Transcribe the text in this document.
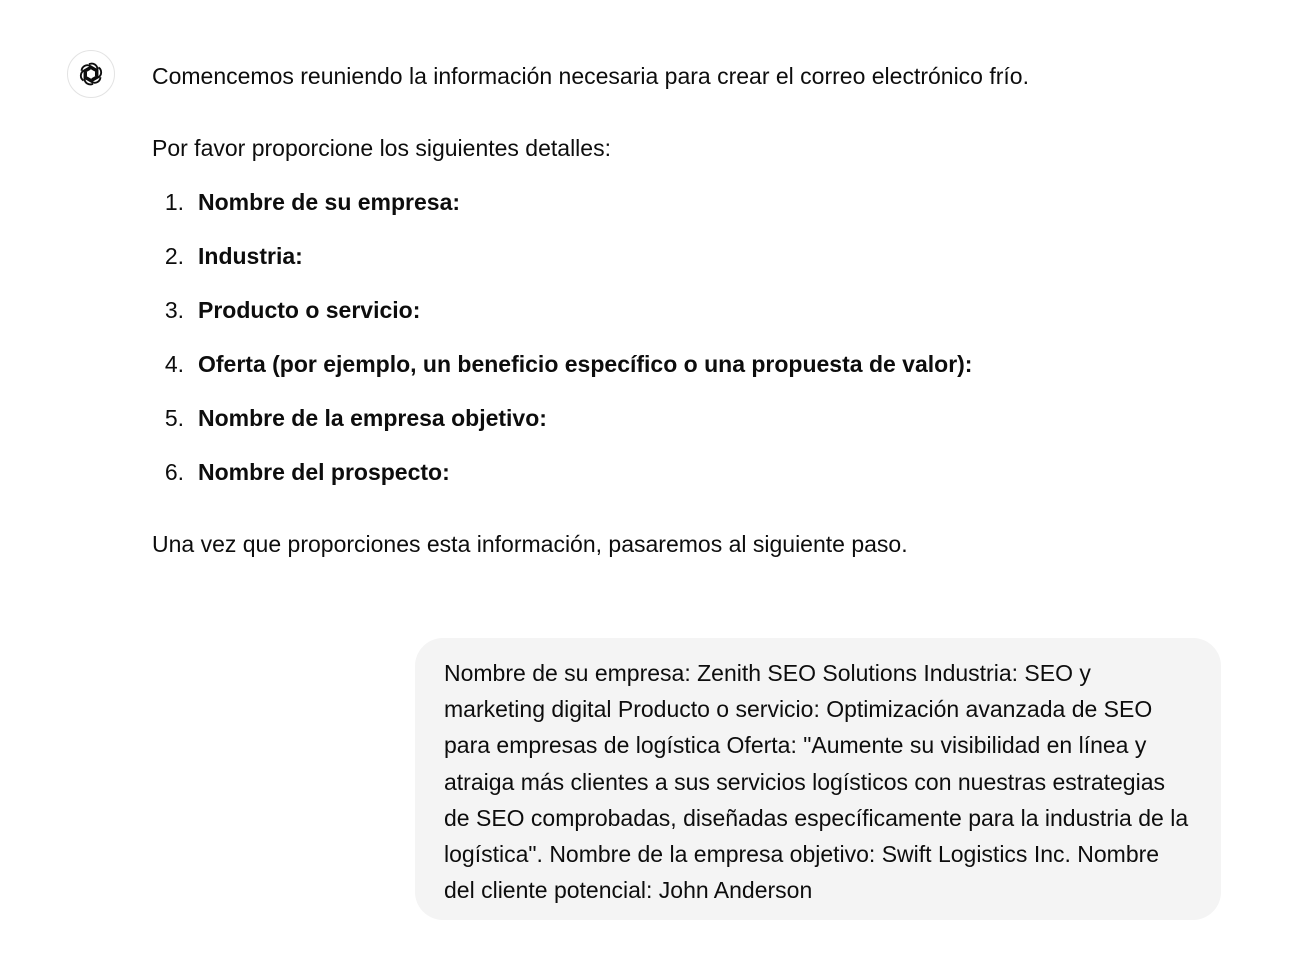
Comencemos reuniendo la información necesaria para crear el correo electrónico frío.

Por favor proporcione los siguientes detalles:

1. Nombre de su empresa:
2. Industria:
3. Producto o servicio:
4. Oferta (por ejemplo, un beneficio específico o una propuesta de valor):
5. Nombre de la empresa objetivo:
6. Nombre del prospecto:

Una vez que proporciones esta información, pasaremos al siguiente paso.

Nombre de su empresa: Zenith SEO Solutions Industria: SEO y marketing digital Producto o servicio: Optimización avanzada de SEO para empresas de logística Oferta: "Aumente su visibilidad en línea y atraiga más clientes a sus servicios logísticos con nuestras estrategias de SEO comprobadas, diseñadas específicamente para la industria de la logística". Nombre de la empresa objetivo: Swift Logistics Inc. Nombre del cliente potencial: John Anderson
